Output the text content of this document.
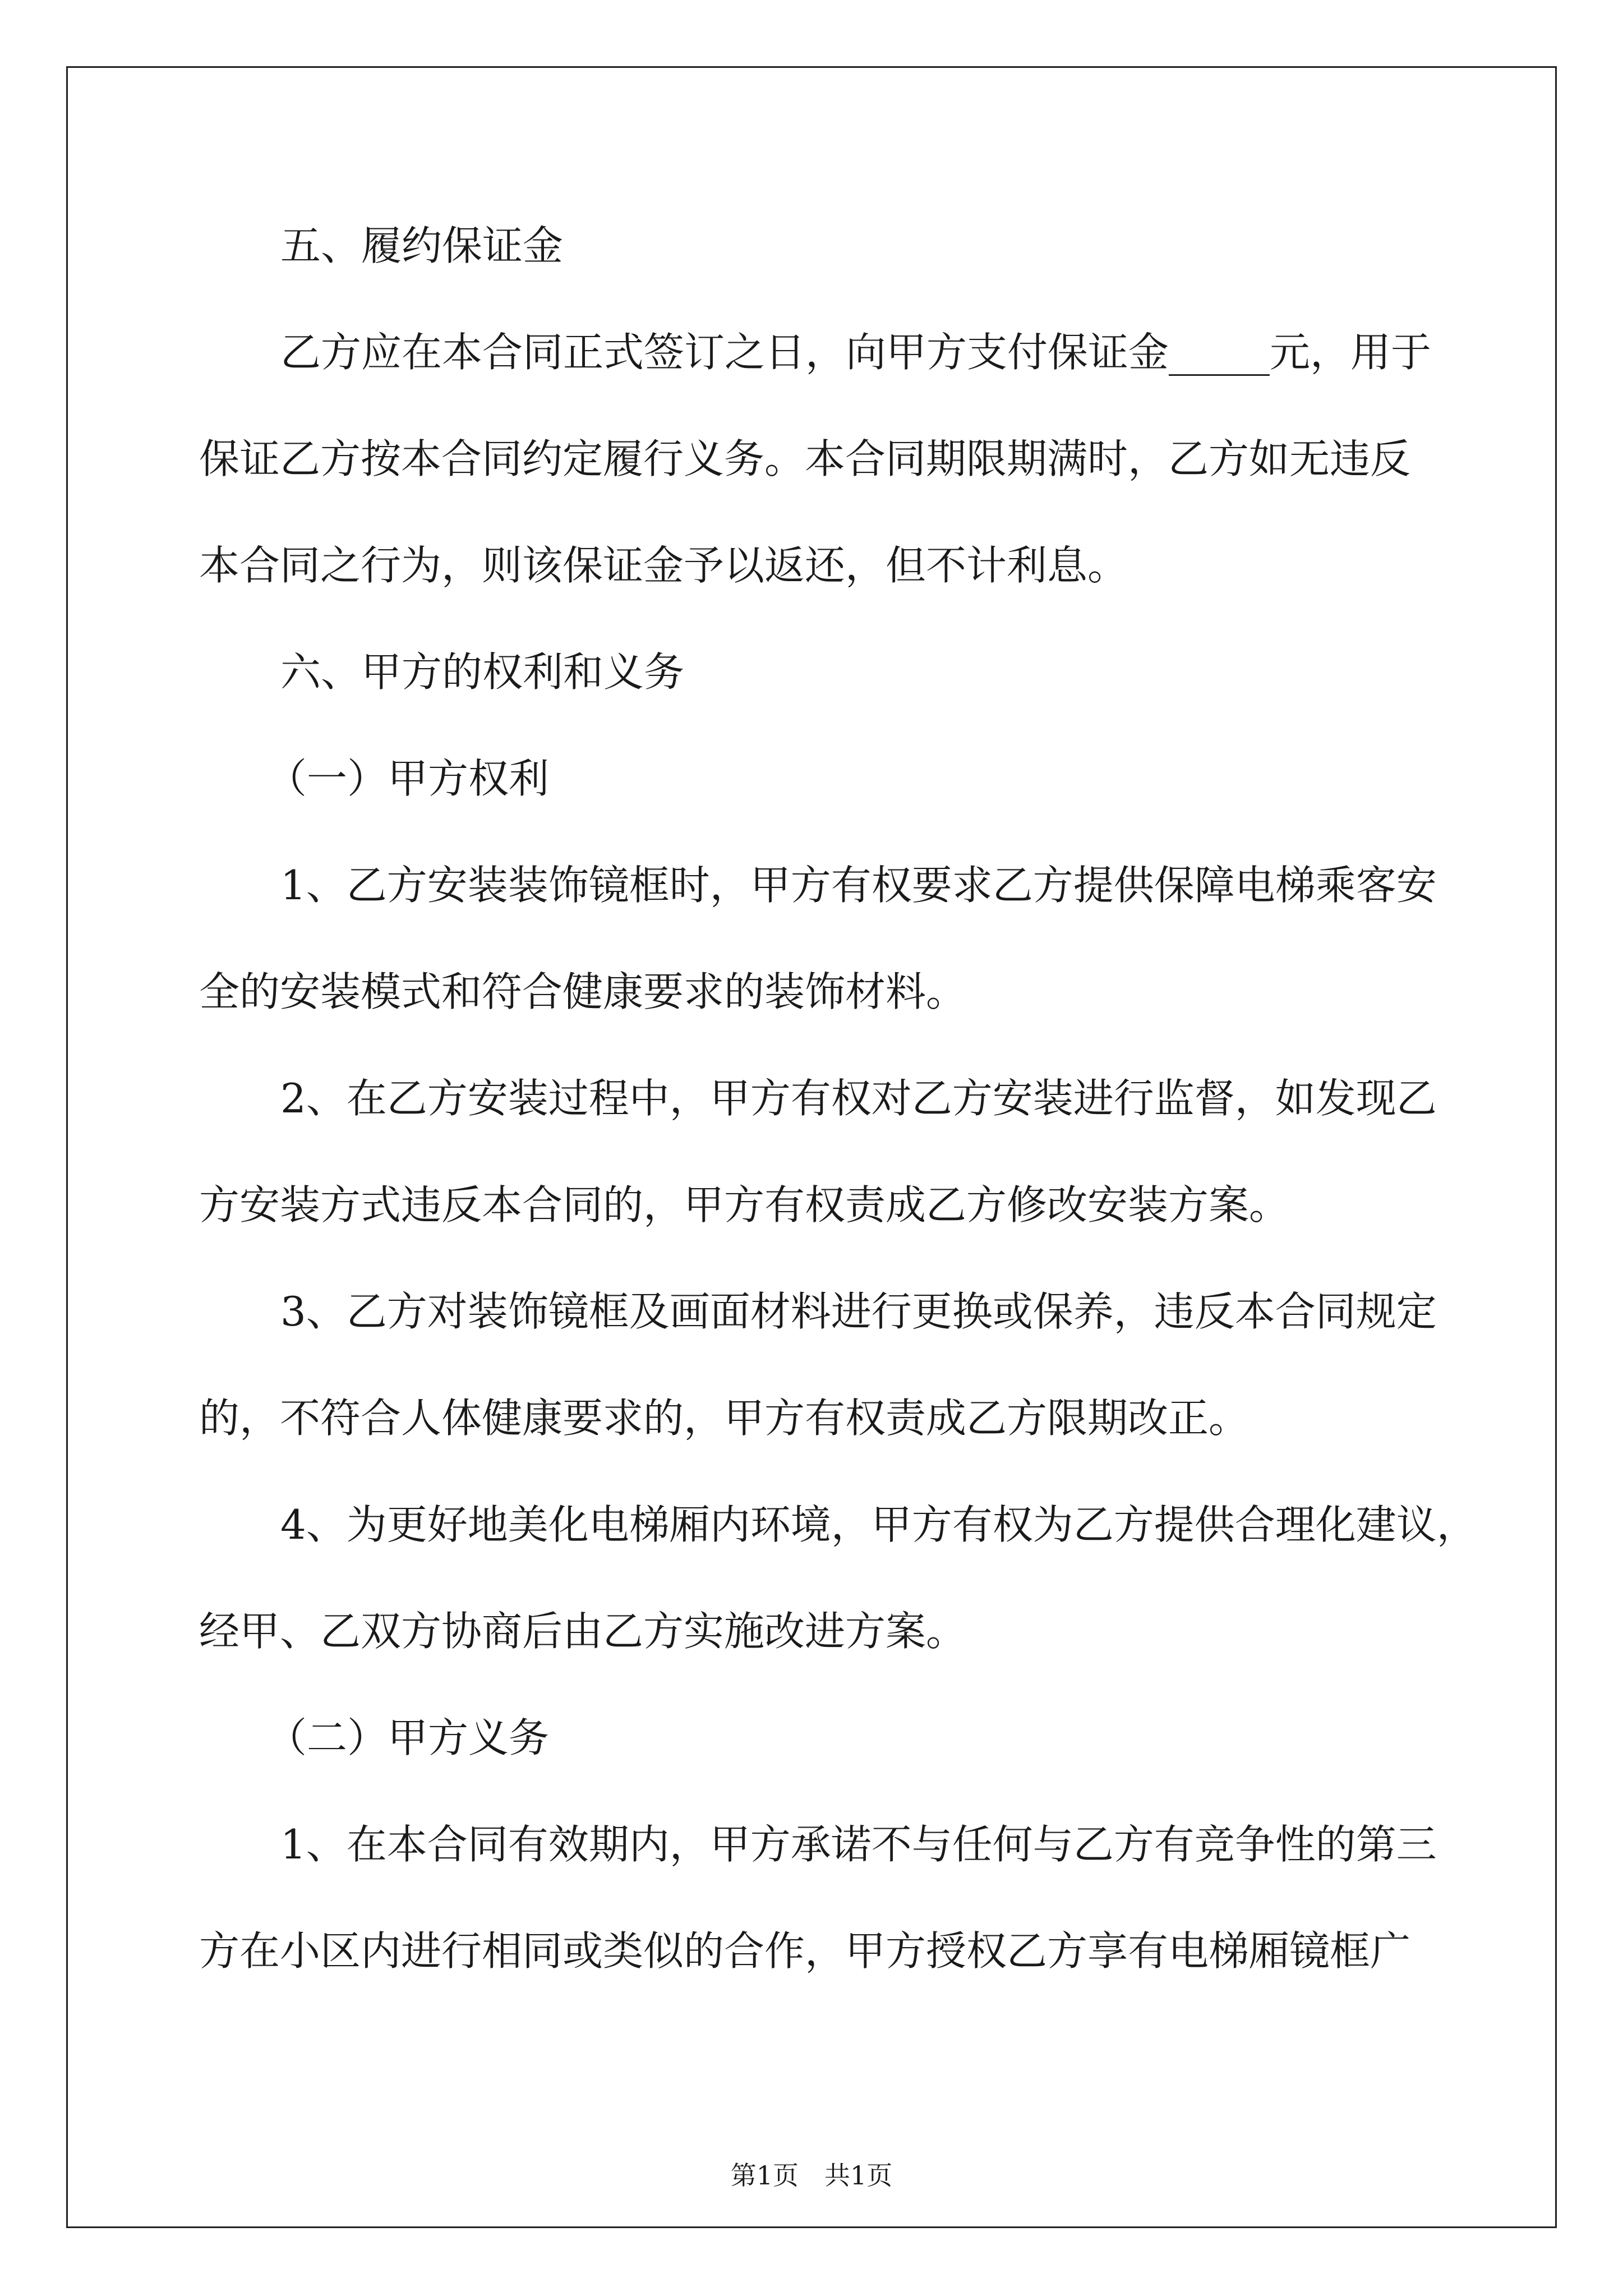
五、履约保证金
乙方应在本合同正式签订之日，向甲方支付保证金_____元，用于
保证乙方按本合同约定履行义务。本合同期限期满时，乙方如无违反
本合同之行为，则该保证金予以返还，但不计利息。
六、甲方的权利和义务
（一）甲方权利
1、乙方安装装饰镜框时，甲方有权要求乙方提供保障电梯乘客安
全的安装模式和符合健康要求的装饰材料。
2、在乙方安装过程中，甲方有权对乙方安装进行监督，如发现乙
方安装方式违反本合同的，甲方有权责成乙方修改安装方案。
3、乙方对装饰镜框及画面材料进行更换或保养，违反本合同规定
的，不符合人体健康要求的，甲方有权责成乙方限期改正。
4、为更好地美化电梯厢内环境，甲方有权为乙方提供合理化建议，
经甲、乙双方协商后由乙方实施改进方案。
（二）甲方义务
1、在本合同有效期内，甲方承诺不与任何与乙方有竞争性的第三
方在小区内进行相同或类似的合作，甲方授权乙方享有电梯厢镜框广
第1页　共1页
